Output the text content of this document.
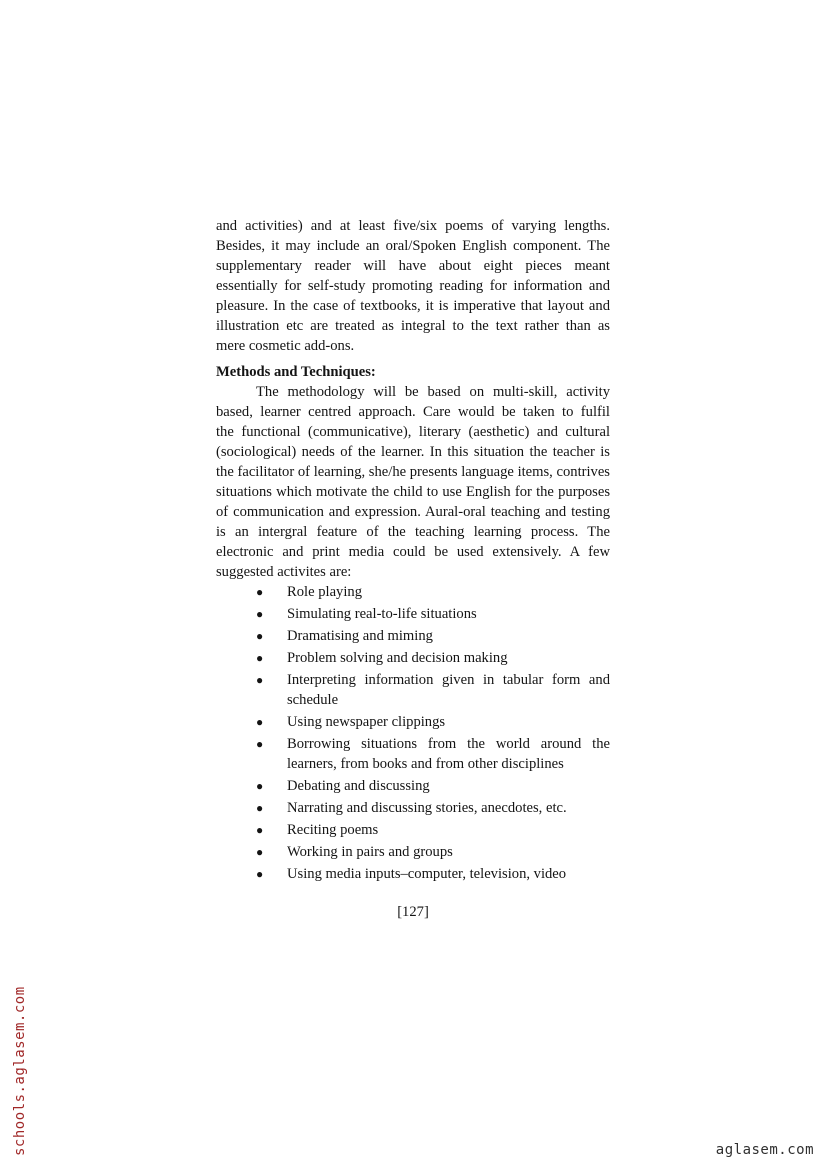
and activities) and at least five/six poems of varying lengths.
Besides, it may include an oral/Spoken English component. The
supplementary reader will have about eight pieces meant
essentially for self-study promoting reading for information and
pleasure. In the case of textbooks, it is imperative that layout and
illustration etc are treated as integral to the text rather than as
mere cosmetic add-ons.
Methods and Techniques:
The methodology will be based on multi-skill, activity
based, learner centred approach. Care would be taken to fulfil
the functional (communicative), literary (aesthetic) and cultural
(sociological) needs of the learner. In this situation the teacher is
the facilitator of learning, she/he presents language items, contrives
situations which motivate the child to use English for the purposes
of communication and expression. Aural-oral teaching and testing
is an intergral feature of the teaching learning process. The
electronic and print media could be used extensively. A few
suggested activites are:
● Role playing
● Simulating real-to-life situations
● Dramatising and miming
● Problem solving and decision making
● Interpreting information given in tabular form and schedule
● Using newspaper clippings
● Borrowing situations from the world around the learners, from books and from other disciplines
● Debating and discussing
● Narrating and discussing stories, anecdotes, etc.
● Reciting poems
● Working in pairs and groups
● Using media inputs–computer, television, video
[127]
schools.aglasem.com	aglasem.com
